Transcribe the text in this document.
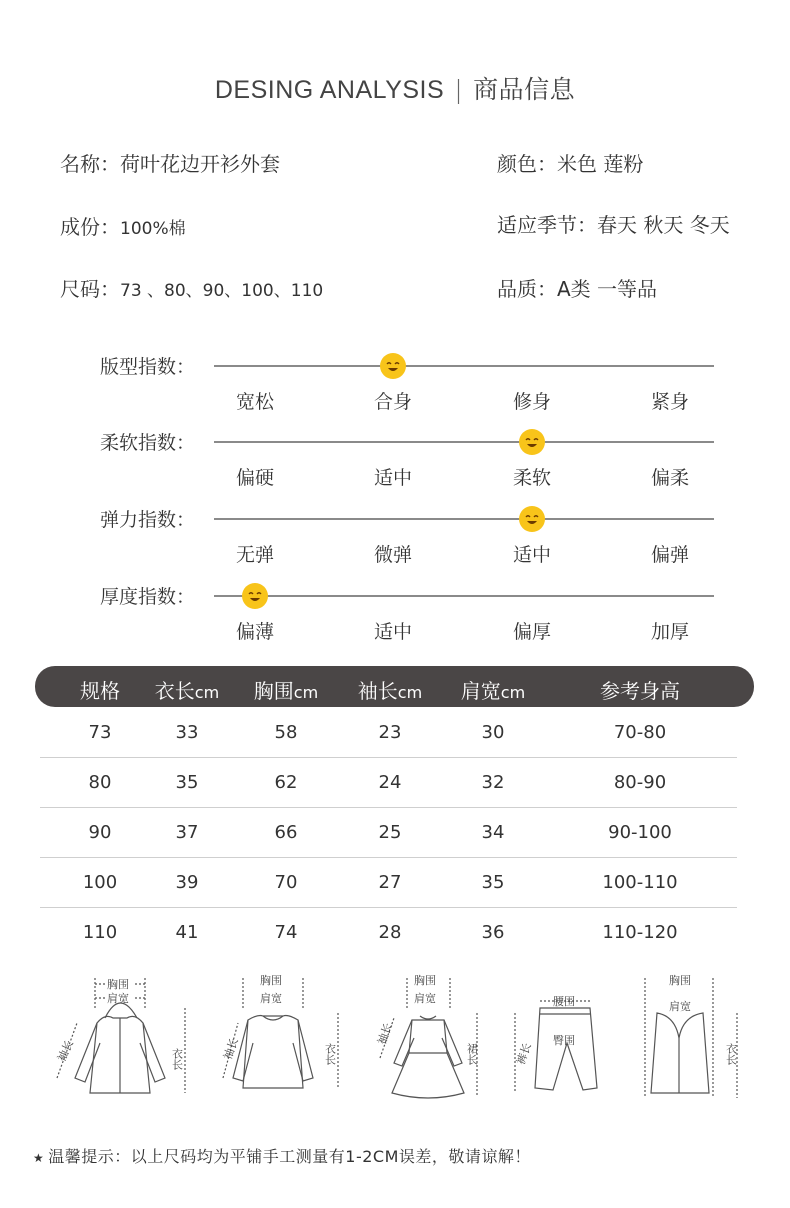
DESING ANALYSIS | 商品信息
名称：荷叶花边开衫外套	颜色：米色 莲粉
成份：100%棉	适应季节：春天 秋天 冬天
尺码：73 、80、90、100、110	品质：A类 一等品
版型指数：
宽松	合身	修身	紧身
柔软指数：
偏硬	适中	柔软	偏柔
弹力指数：
无弹	微弹	适中	偏弹
厚度指数：
偏薄	适中	偏厚	加厚
规格 衣长cm 胸围cm 袖长cm 肩宽cm	参考身高
73	33	58	23	30	70-80
80	35	62	24	32	80-90
90	37	66	25	34	90-100
100	39	70	27	35	100-110
110	41	74	28	36	110-120
胸围
肩宽
袖长	衣长
胸围
肩宽
袖长	衣长
胸围
肩宽
袖长
裙长
腰围
臀围
裤长
胸围
肩宽
衣长
★ 温馨提示：以上尺码均为平铺手工测量有1-2CM误差，敬请谅解！
